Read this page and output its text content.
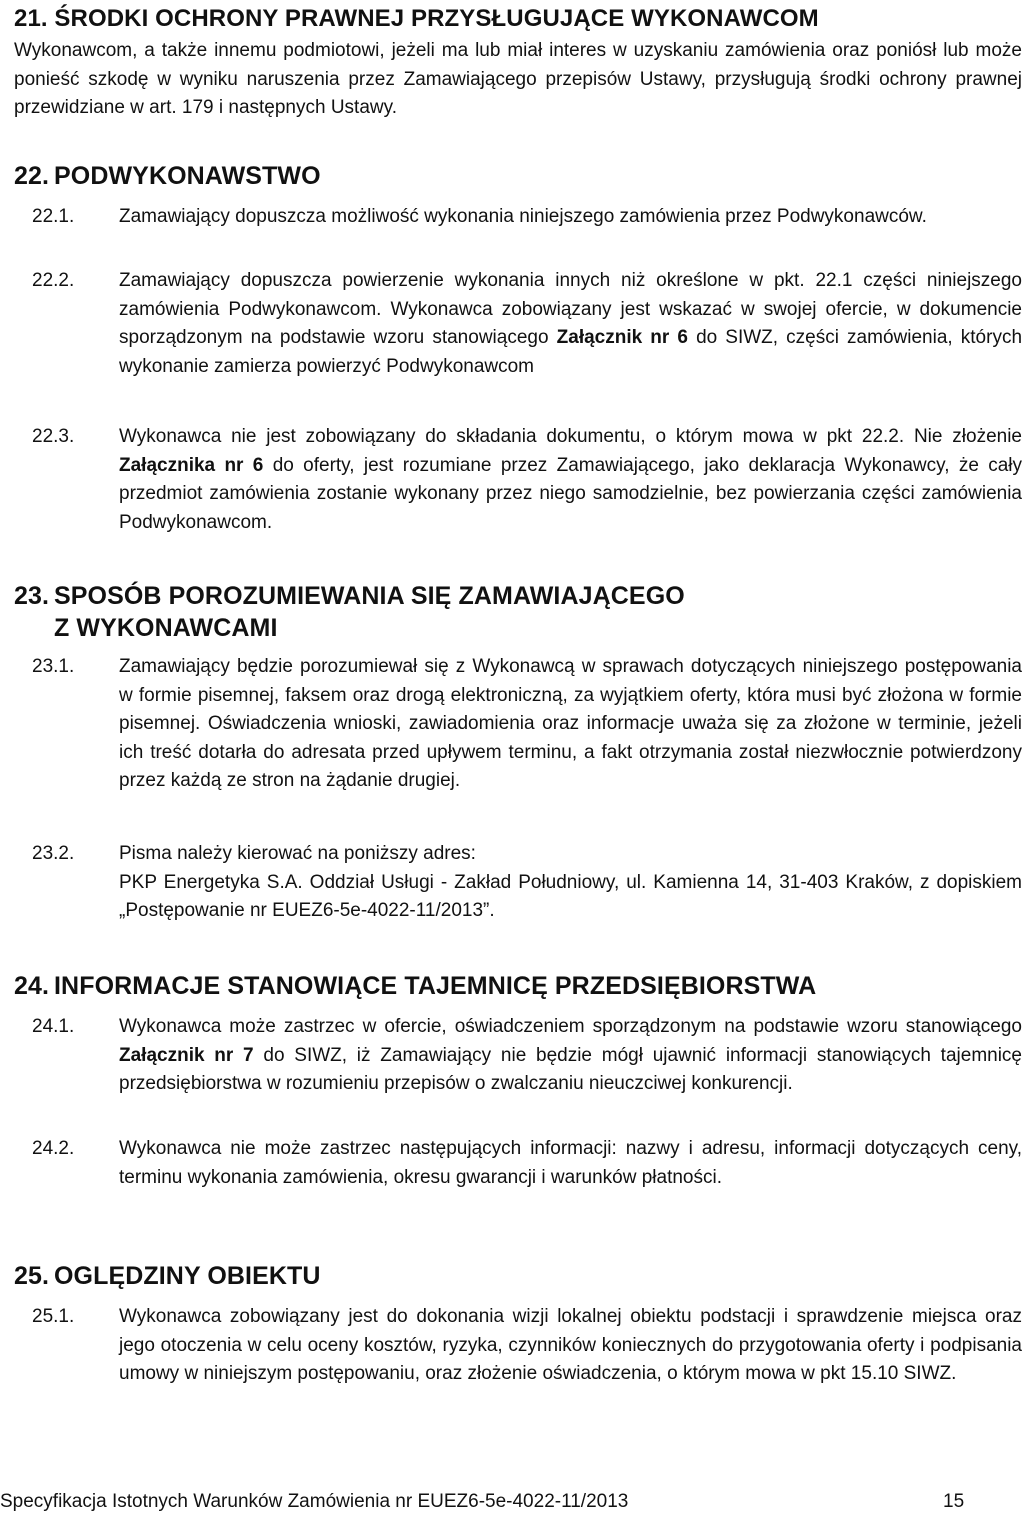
21. ŚRODKI OCHRONY PRAWNEJ PRZYSŁUGUJĄCE WYKONAWCOM

Wykonawcom, a także innemu podmiotowi, jeżeli ma lub miał interes w uzyskaniu zamówienia oraz poniósł lub może ponieść szkodę w wyniku naruszenia przez Zamawiającego przepisów Ustawy, przysługują środki ochrony prawnej przewidziane w art. 179 i następnych Ustawy.

22. PODWYKONAWSTWO
22.1.	Zamawiający dopuszcza możliwość wykonania niniejszego zamówienia przez Podwykonawców.
22.2.	Zamawiający dopuszcza powierzenie wykonania innych niż określone w pkt. 22.1 części niniejszego zamówienia Podwykonawcom. Wykonawca zobowiązany jest wskazać w swojej ofercie, w dokumencie sporządzonym na podstawie wzoru stanowiącego Załącznik nr 6 do SIWZ, części zamówienia, których wykonanie zamierza powierzyć Podwykonawcom
22.3.	Wykonawca nie jest zobowiązany do składania dokumentu, o którym mowa w pkt 22.2. Nie złożenie Załącznika nr 6 do oferty, jest rozumiane przez Zamawiającego, jako deklaracja Wykonawcy, że cały przedmiot zamówienia zostanie wykonany przez niego samodzielnie, bez powierzania części zamówienia Podwykonawcom.
23. SPOSÓB POROZUMIEWANIA SIĘ ZAMAWIAJĄCEGO
Z WYKONAWCAMI
23.1.	Zamawiający będzie porozumiewał się z Wykonawcą w sprawach dotyczących niniejszego postępowania w formie pisemnej, faksem oraz drogą elektroniczną, za wyjątkiem oferty, która musi być złożona w formie pisemnej. Oświadczenia wnioski, zawiadomienia oraz informacje uważa się za złożone w terminie, jeżeli ich treść dotarła do adresata przed upływem terminu, a fakt otrzymania został niezwłocznie potwierdzony przez każdą ze stron na żądanie drugiej.
23.2.	Pisma należy kierować na poniższy adres:
PKP Energetyka S.A. Oddział Usługi - Zakład Południowy, ul. Kamienna 14, 31-403 Kraków, z dopiskiem „Postępowanie nr EUEZ6-5e-4022-11/2013”.
24. INFORMACJE STANOWIĄCE TAJEMNICĘ PRZEDSIĘBIORSTWA
24.1.	Wykonawca może zastrzec w ofercie, oświadczeniem sporządzonym na podstawie wzoru stanowiącego Załącznik nr 7 do SIWZ, iż Zamawiający nie będzie mógł ujawnić informacji stanowiących tajemnicę przedsiębiorstwa w rozumieniu przepisów o zwalczaniu nieuczciwej konkurencji.
24.2.	Wykonawca nie może zastrzec następujących informacji: nazwy i adresu, informacji dotyczących ceny, terminu wykonania zamówienia, okresu gwarancji i warunków płatności.
25. OGLĘDZINY OBIEKTU
25.1.	Wykonawca zobowiązany jest do dokonania wizji lokalnej obiektu podstacji i sprawdzenie miejsca oraz jego otoczenia w celu oceny kosztów, ryzyka, czynników koniecznych do przygotowania oferty i podpisania umowy w niniejszym postępowaniu, oraz złożenie oświadczenia, o którym mowa w pkt 15.10 SIWZ.
Specyfikacja Istotnych Warunków Zamówienia nr EUEZ6-5e-4022-11/2013	15
